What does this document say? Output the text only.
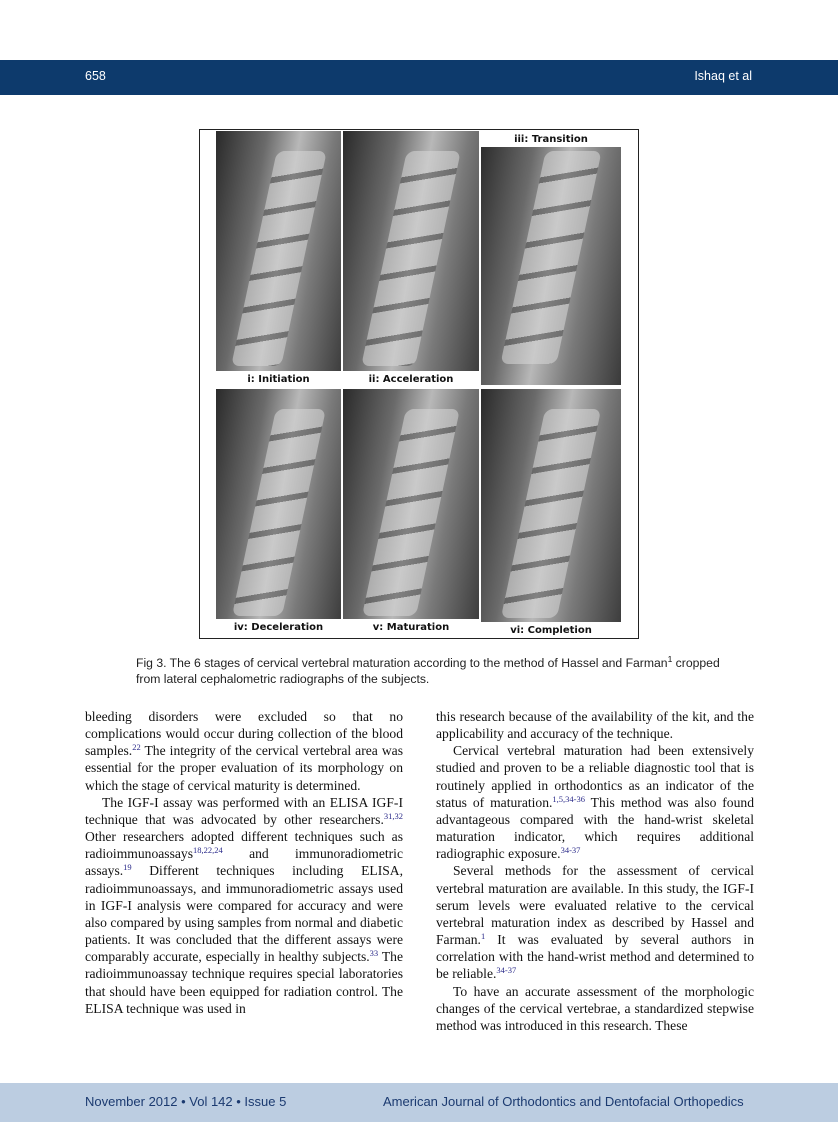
658	Ishaq et al
i: Initiation	ii: Acceleration
iii: Transition
iv: Deceleration	v: Maturation	vi: Completion
Fig 3. The 6 stages of cervical vertebral maturation according to the method of Hassel and Farman$^1$ cropped from lateral cephalometric radiographs of the subjects.

bleeding disorders were excluded so that no complications would occur during collection of the blood samples.$^{22}$ The integrity of the cervical vertebral area was essential for the proper evaluation of its morphology on which the stage of cervical maturity is determined.

The IGF-I assay was performed with an ELISA IGF-I technique that was advocated by other researchers.$^{31,32}$ Other researchers adopted different techniques such as radioimmunoassays$^{18,22,24}$ and immunoradiometric assays.$^{19}$ Different techniques including ELISA, radioimmunoassays, and immunoradiometric assays used in IGF-I analysis were compared for accuracy and were also compared by using samples from normal and diabetic patients. It was concluded that the different assays were comparably accurate, especially in healthy subjects.$^{33}$ The radioimmunoassay technique requires special laboratories that should have been equipped for radiation control. The ELISA technique was used in

this research because of the availability of the kit, and the applicability and accuracy of the technique.

Cervical vertebral maturation had been extensively studied and proven to be a reliable diagnostic tool that is routinely applied in orthodontics as an indicator of the status of maturation.$^{1,5,34-36}$ This method was also found advantageous compared with the hand-wrist skeletal maturation indicator, which requires additional radiographic exposure.$^{34-37}$

Several methods for the assessment of cervical vertebral maturation are available. In this study, the IGF-I serum levels were evaluated relative to the cervical vertebral maturation index as described by Hassel and Farman.$^1$ It was evaluated by several authors in correlation with the hand-wrist method and determined to be reliable.$^{34-37}$

To have an accurate assessment of the morphologic changes of the cervical vertebrae, a standardized stepwise method was introduced in this research. These

November 2012 • Vol 142 • Issue 5	American Journal of Orthodontics and Dentofacial Orthopedics
